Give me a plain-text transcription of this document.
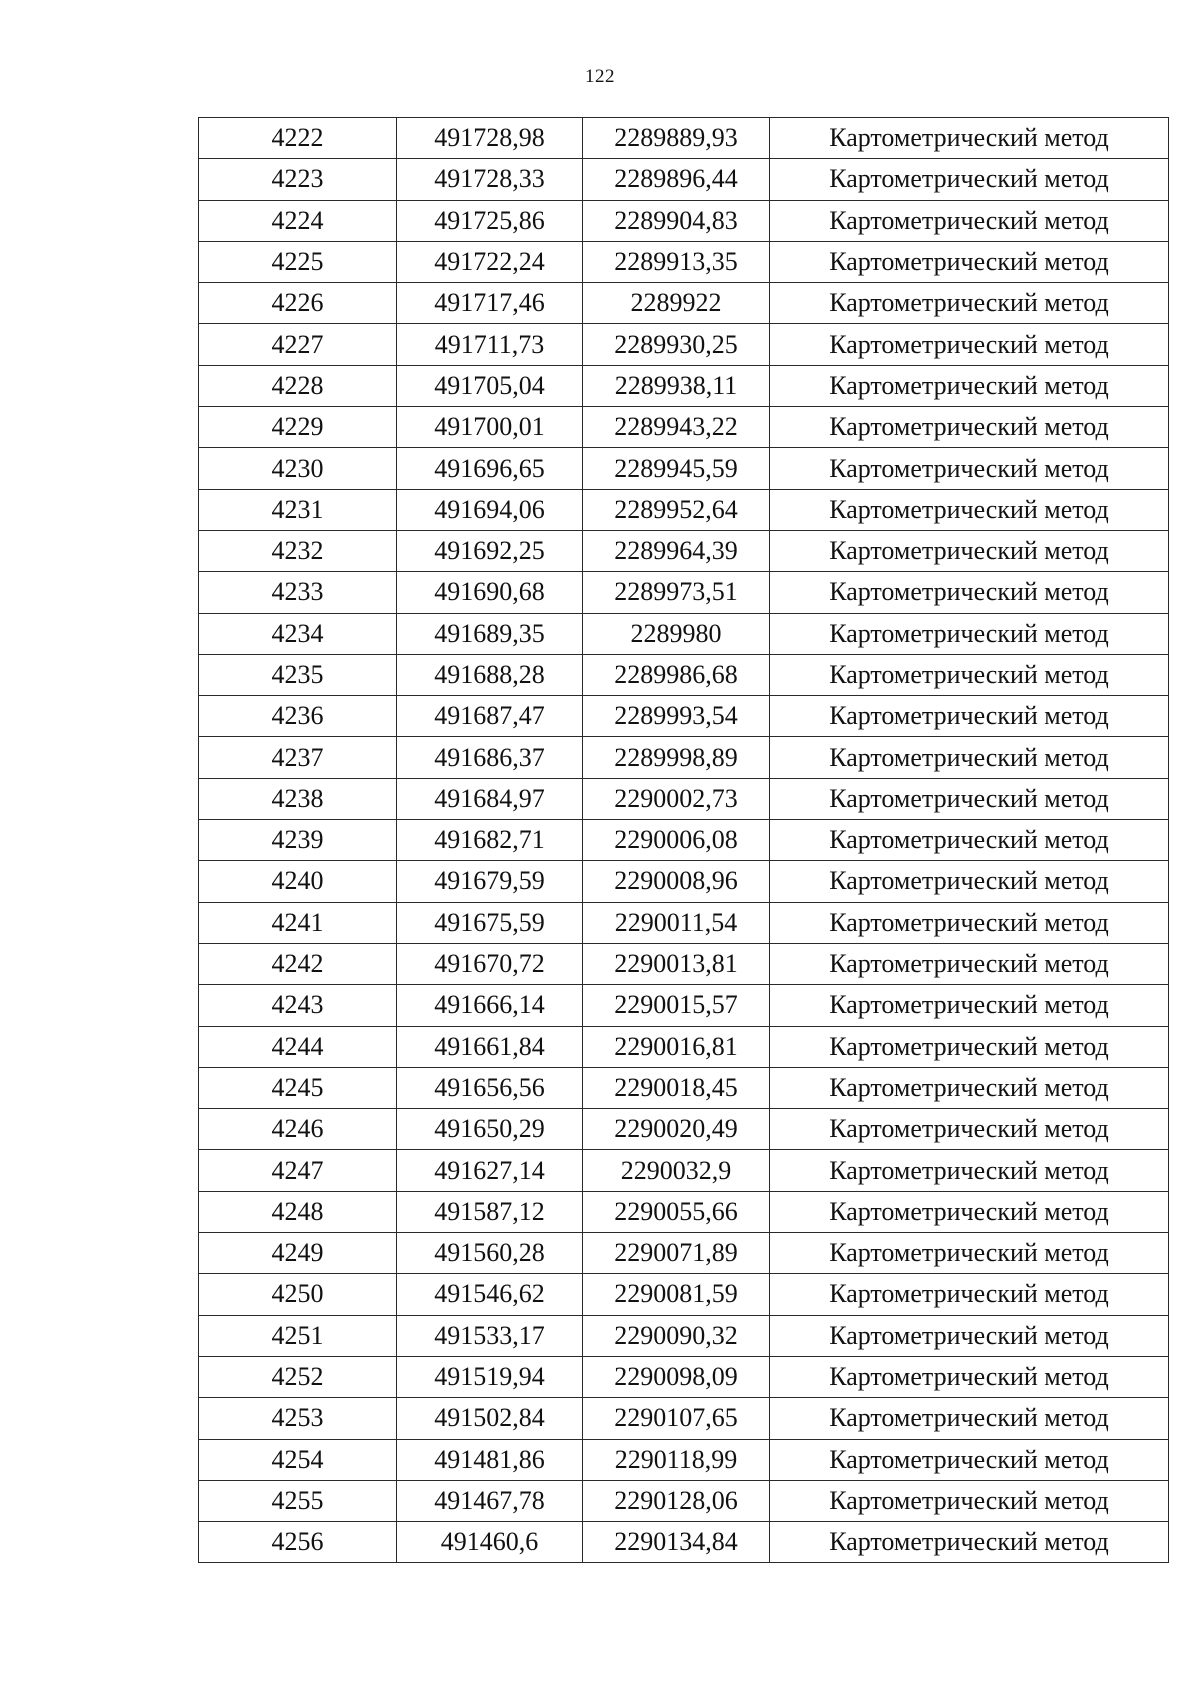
122
4222	491728,98	2289889,93	Картометрический метод
4223	491728,33	2289896,44	Картометрический метод
4224	491725,86	2289904,83	Картометрический метод
4225	491722,24	2289913,35	Картометрический метод
4226	491717,46	2289922	Картометрический метод
4227	491711,73	2289930,25	Картометрический метод
4228	491705,04	2289938,11	Картометрический метод
4229	491700,01	2289943,22	Картометрический метод
4230	491696,65	2289945,59	Картометрический метод
4231	491694,06	2289952,64	Картометрический метод
4232	491692,25	2289964,39	Картометрический метод
4233	491690,68	2289973,51	Картометрический метод
4234	491689,35	2289980	Картометрический метод
4235	491688,28	2289986,68	Картометрический метод
4236	491687,47	2289993,54	Картометрический метод
4237	491686,37	2289998,89	Картометрический метод
4238	491684,97	2290002,73	Картометрический метод
4239	491682,71	2290006,08	Картометрический метод
4240	491679,59	2290008,96	Картометрический метод
4241	491675,59	2290011,54	Картометрический метод
4242	491670,72	2290013,81	Картометрический метод
4243	491666,14	2290015,57	Картометрический метод
4244	491661,84	2290016,81	Картометрический метод
4245	491656,56	2290018,45	Картометрический метод
4246	491650,29	2290020,49	Картометрический метод
4247	491627,14	2290032,9	Картометрический метод
4248	491587,12	2290055,66	Картометрический метод
4249	491560,28	2290071,89	Картометрический метод
4250	491546,62	2290081,59	Картометрический метод
4251	491533,17	2290090,32	Картометрический метод
4252	491519,94	2290098,09	Картометрический метод
4253	491502,84	2290107,65	Картометрический метод
4254	491481,86	2290118,99	Картометрический метод
4255	491467,78	2290128,06	Картометрический метод
4256	491460,6	2290134,84	Картометрический метод
